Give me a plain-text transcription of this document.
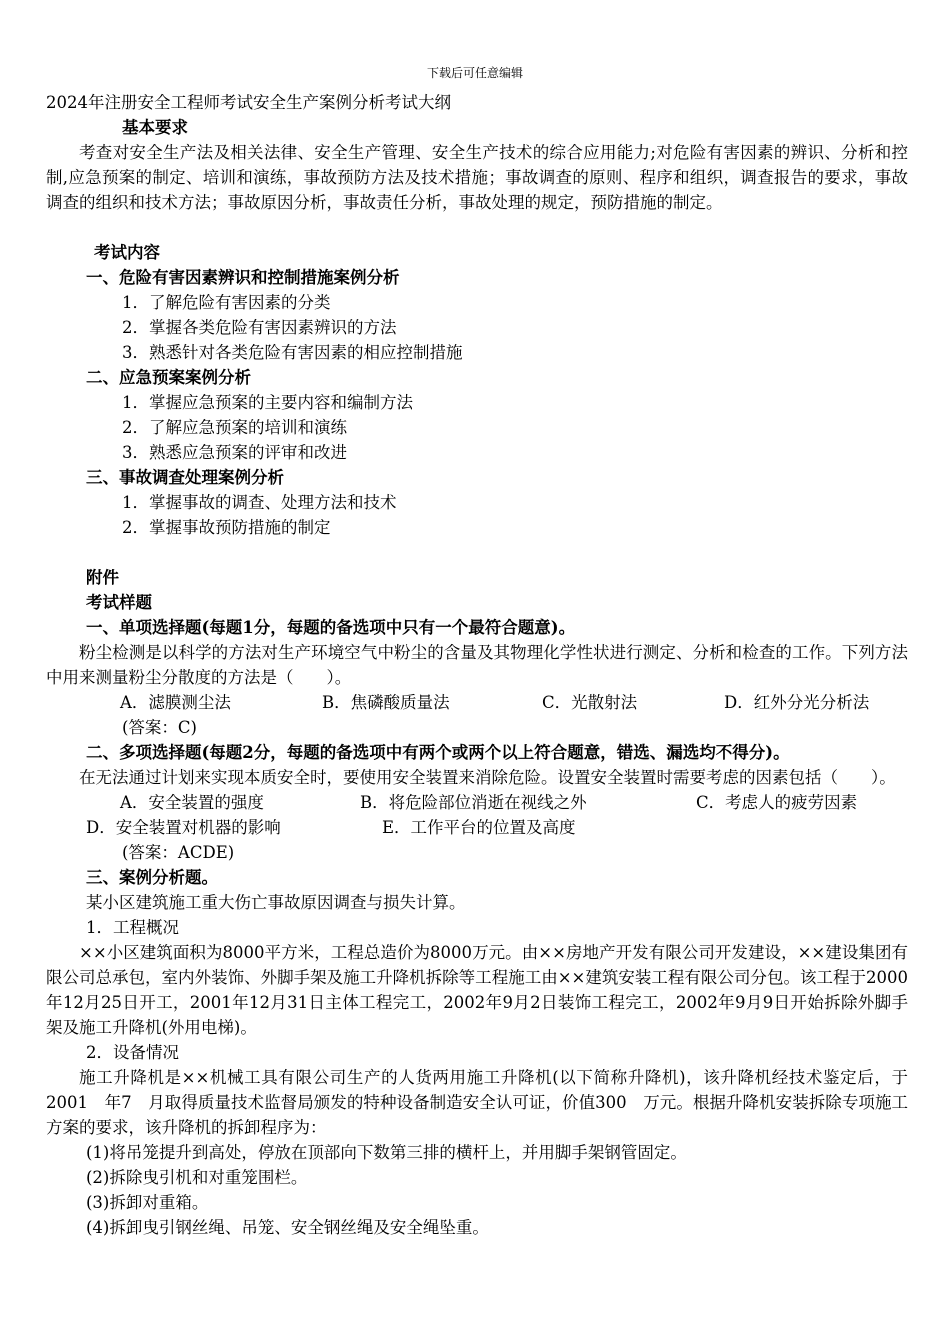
下载后可任意编辑
2024年注册安全工程师考试安全生产案例分析考试大纲
基本要求
考查对安全生产法及相关法律、安全生产管理、安全生产技术的综合应用能力;对危险有害因素的辨识、分析和控制,应急预案的制定、培训和演练，事故预防方法及技术措施；事故调查的原则、程序和组织，调查报告的要求，事故调查的组织和技术方法；事故原因分析，事故责任分析，事故处理的规定，预防措施的制定。
考试内容
一、危险有害因素辨识和控制措施案例分析
1．了解危险有害因素的分类
2．掌握各类危险有害因素辨识的方法
3．熟悉针对各类危险有害因素的相应控制措施
二、应急预案案例分析
1．掌握应急预案的主要内容和编制方法
2．了解应急预案的培训和演练
3．熟悉应急预案的评审和改进
三、事故调查处理案例分析
1．掌握事故的调查、处理方法和技术
2．掌握事故预防措施的制定
附件
考试样题
一、单项选择题(每题1分，每题的备选项中只有一个最符合题意)。
粉尘检测是以科学的方法对生产环境空气中粉尘的含量及其物理化学性状进行测定、分析和检查的工作。下列方法中用来测量粉尘分散度的方法是（　　）。
A．滤膜测尘法	B．焦磷酸质量法	C．光散射法	D．红外分光分析法
(答案：C)
二、多项选择题(每题2分，每题的备选项中有两个或两个以上符合题意，错选、漏选均不得分)。
在无法通过计划来实现本质安全时，要使用安全装置来消除危险。设置安全装置时需要考虑的因素包括（　　）。
A．安全装置的强度	B．将危险部位消逝在视线之外	C．考虑人的疲劳因素
D．安全装置对机器的影响	E．工作平台的位置及高度
(答案：ACDE)
三、案例分析题。
某小区建筑施工重大伤亡事故原因调查与损失计算。
1．工程概况
××小区建筑面积为8000平方米，工程总造价为8000万元。由××房地产开发有限公司开发建设，××建设集团有限公司总承包，室内外装饰、外脚手架及施工升降机拆除等工程施工由××建筑安装工程有限公司分包。该工程于2000年12月25日开工，2001年12月31日主体工程完工，2002年9月2日装饰工程完工，2002年9月9日开始拆除外脚手架及施工升降机(外用电梯)。
2．设备情况
施工升降机是××机械工具有限公司生产的人货两用施工升降机(以下简称升降机)，该升降机经技术鉴定后，于2001　年7　月取得质量技术监督局颁发的特种设备制造安全认可证，价值300　万元。根据升降机安装拆除专项施工方案的要求，该升降机的拆卸程序为：
(1)将吊笼提升到高处，停放在顶部向下数第三排的横杆上，并用脚手架钢管固定。
(2)拆除曳引机和对重笼围栏。
(3)拆卸对重箱。
(4)拆卸曳引钢丝绳、吊笼、安全钢丝绳及安全绳坠重。
